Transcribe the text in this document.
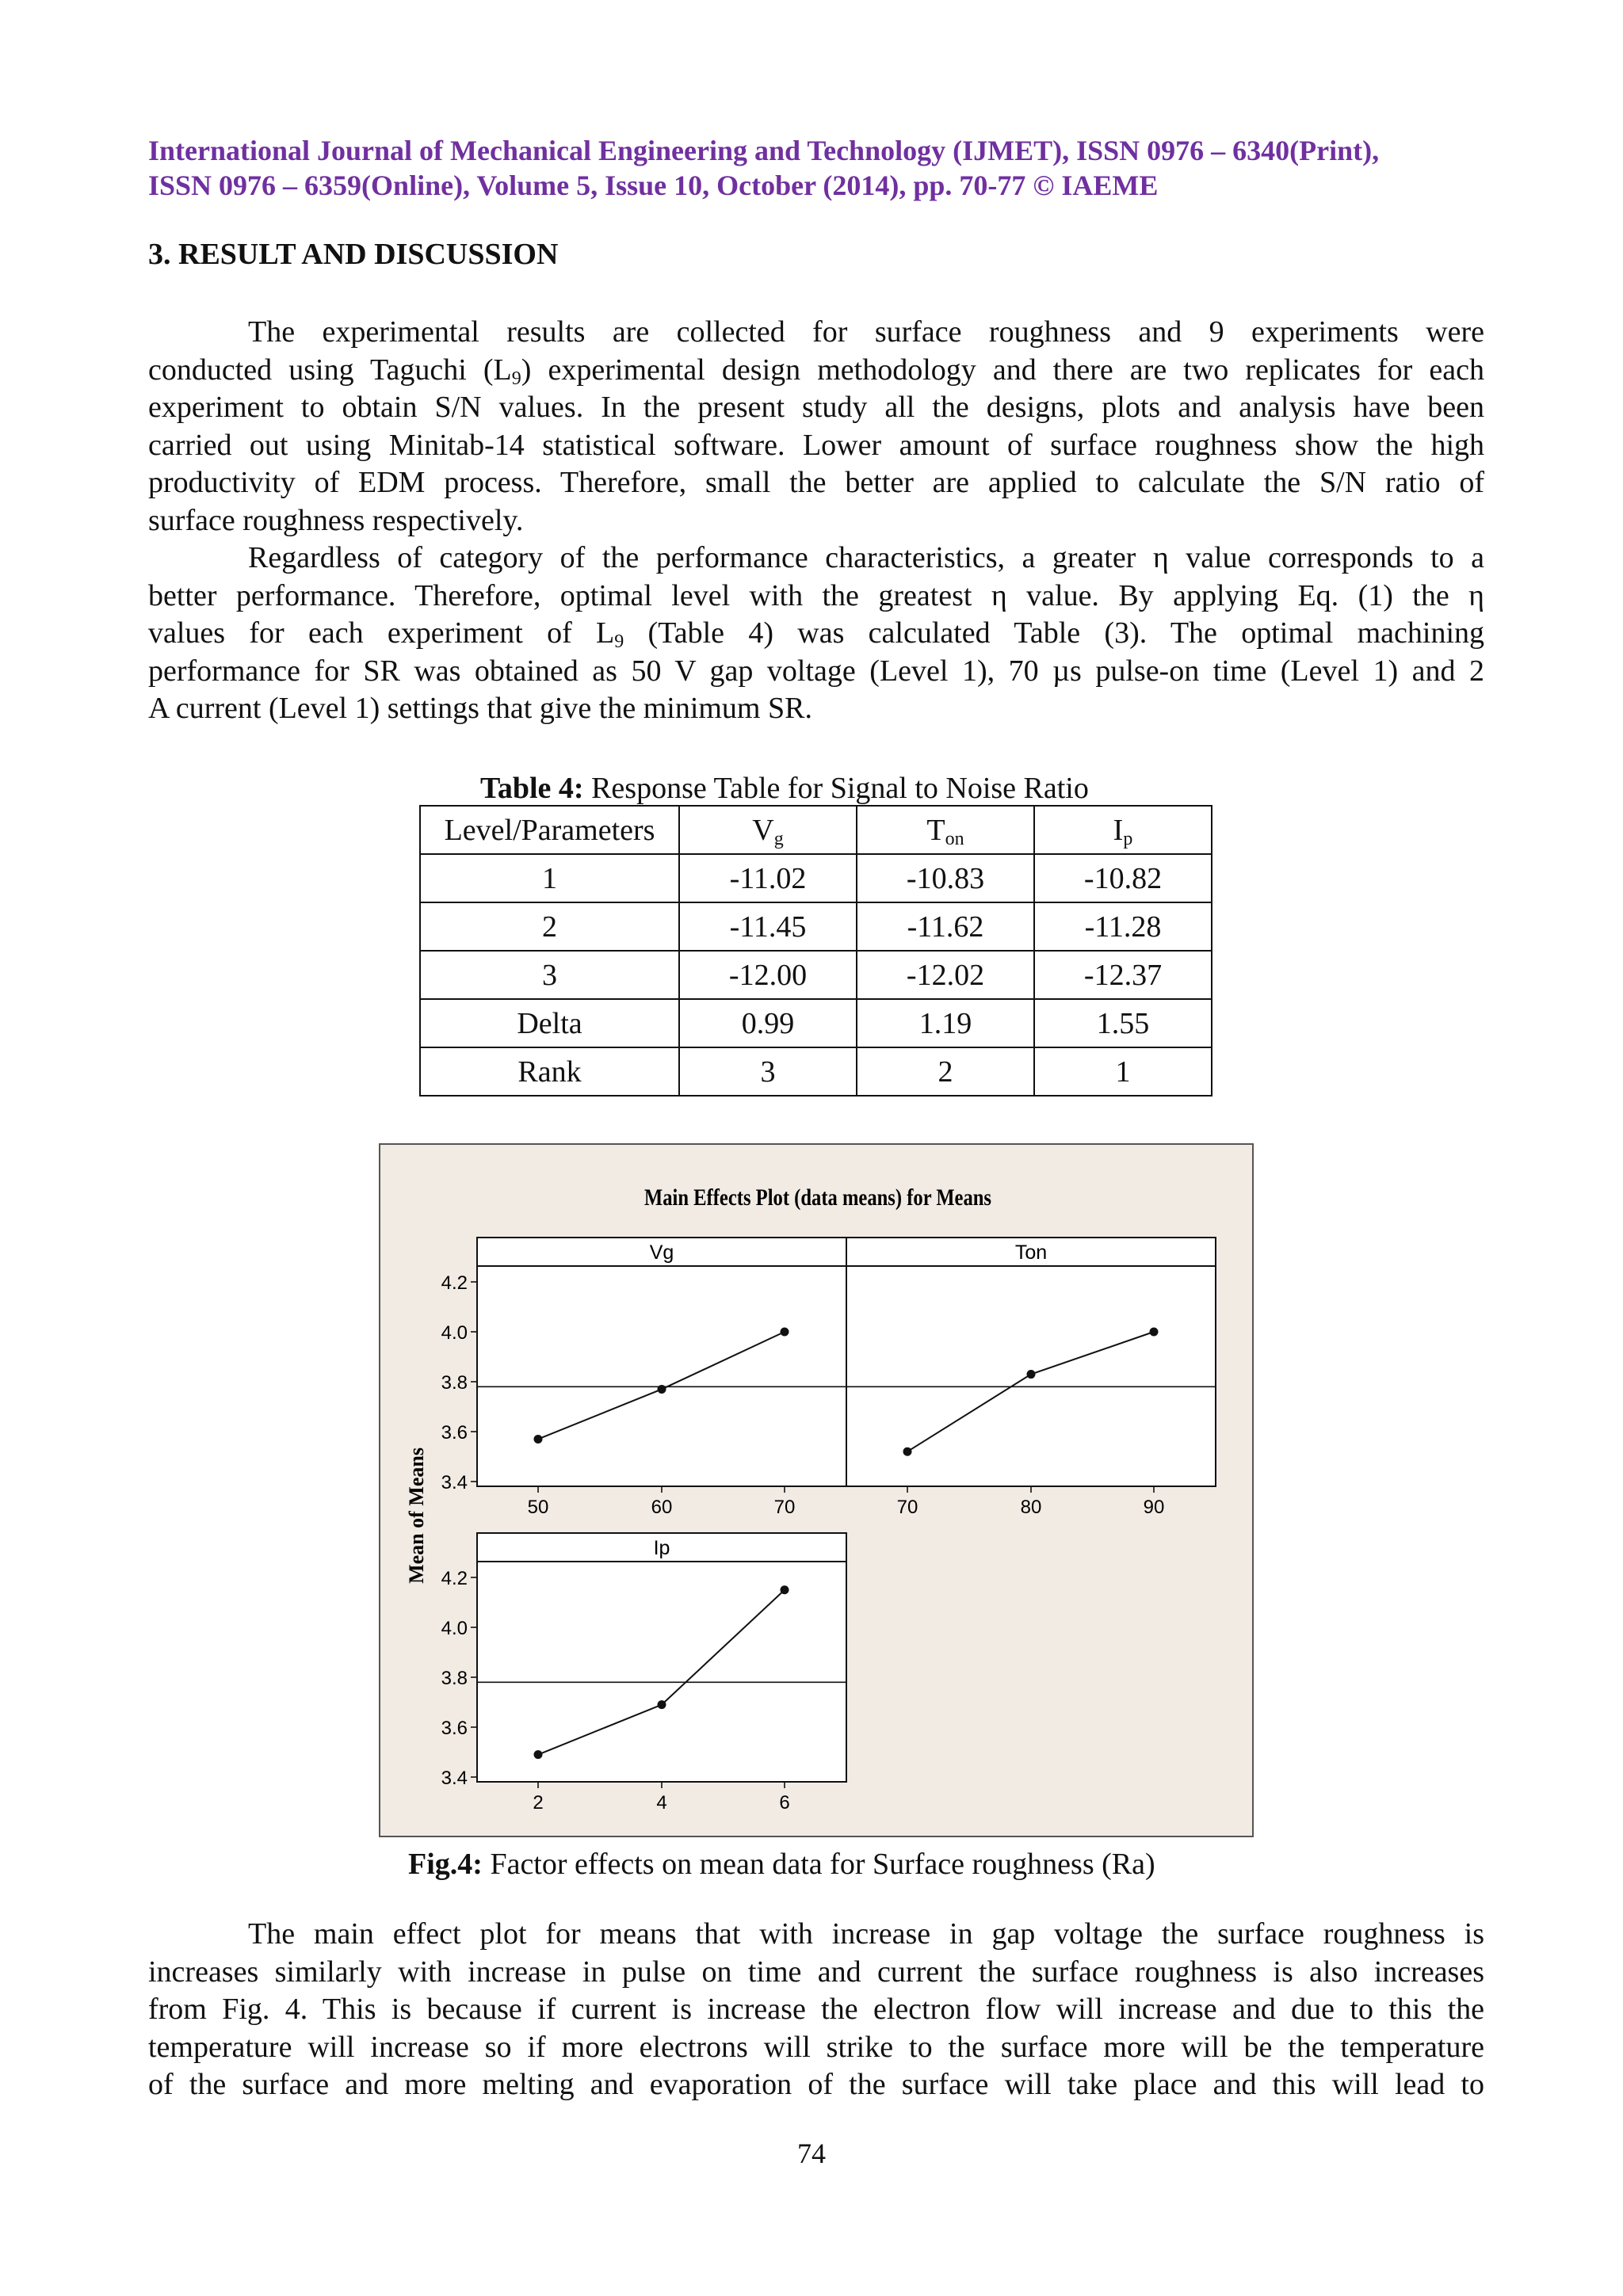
International Journal of Mechanical Engineering and Technology (IJMET), ISSN 0976 – 6340(Print),
ISSN 0976 – 6359(Online), Volume 5, Issue 10, October (2014), pp. 70-77 © IAEME
3. RESULT AND DISCUSSION
The experimental results are collected for surface roughness and 9 experiments were
conducted using Taguchi $(L_9)$ experimental design methodology and there are two replicates for each
experiment to obtain S/N values. In the present study all the designs, plots and analysis have been
carried out using Minitab-14 statistical software. Lower amount of surface roughness show the high
productivity of EDM process. Therefore, small the better are applied to calculate the S/N ratio of
surface roughness respectively.
Regardless of category of the performance characteristics, a greater η value corresponds to a
better performance. Therefore, optimal level with the greatest η value. By applying Eq. (1) the η
values for each experiment of $L_9$ (Table 4) was calculated Table (3). The optimal machining
performance for SR was obtained as 50 V gap voltage (Level 1), 70 µs pulse-on time (Level 1) and 2
A current (Level 1) settings that give the minimum SR.
Table 4: Response Table for Signal to Noise Ratio
Level/Parameters	$V_g$	$T_{on}$	$I_p$
1	-11.02	-10.83	-10.82
2	-11.45	-11.62	-11.28
3	-12.00	-12.02	-12.37
Delta	0.99	1.19	1.55
Rank	3	2	1
Main Effects Plot (data means) for Means
Mean of Means
Vg
4.2
4.0
3.8
3.6
3.4
50	60	70
Ton
70	80	90
Ip
4.2
4.0
3.8
3.6
3.4
2	4	6
Fig.4: Factor effects on mean data for Surface roughness (Ra)
The main effect plot for means that with increase in gap voltage the surface roughness is
increases similarly with increase in pulse on time and current the surface roughness is also increases
from Fig. 4. This is because if current is increase the electron flow will increase and due to this the
temperature will increase so if more electrons will strike to the surface more will be the temperature
of the surface and more melting and evaporation of the surface will take place and this will lead to
74
